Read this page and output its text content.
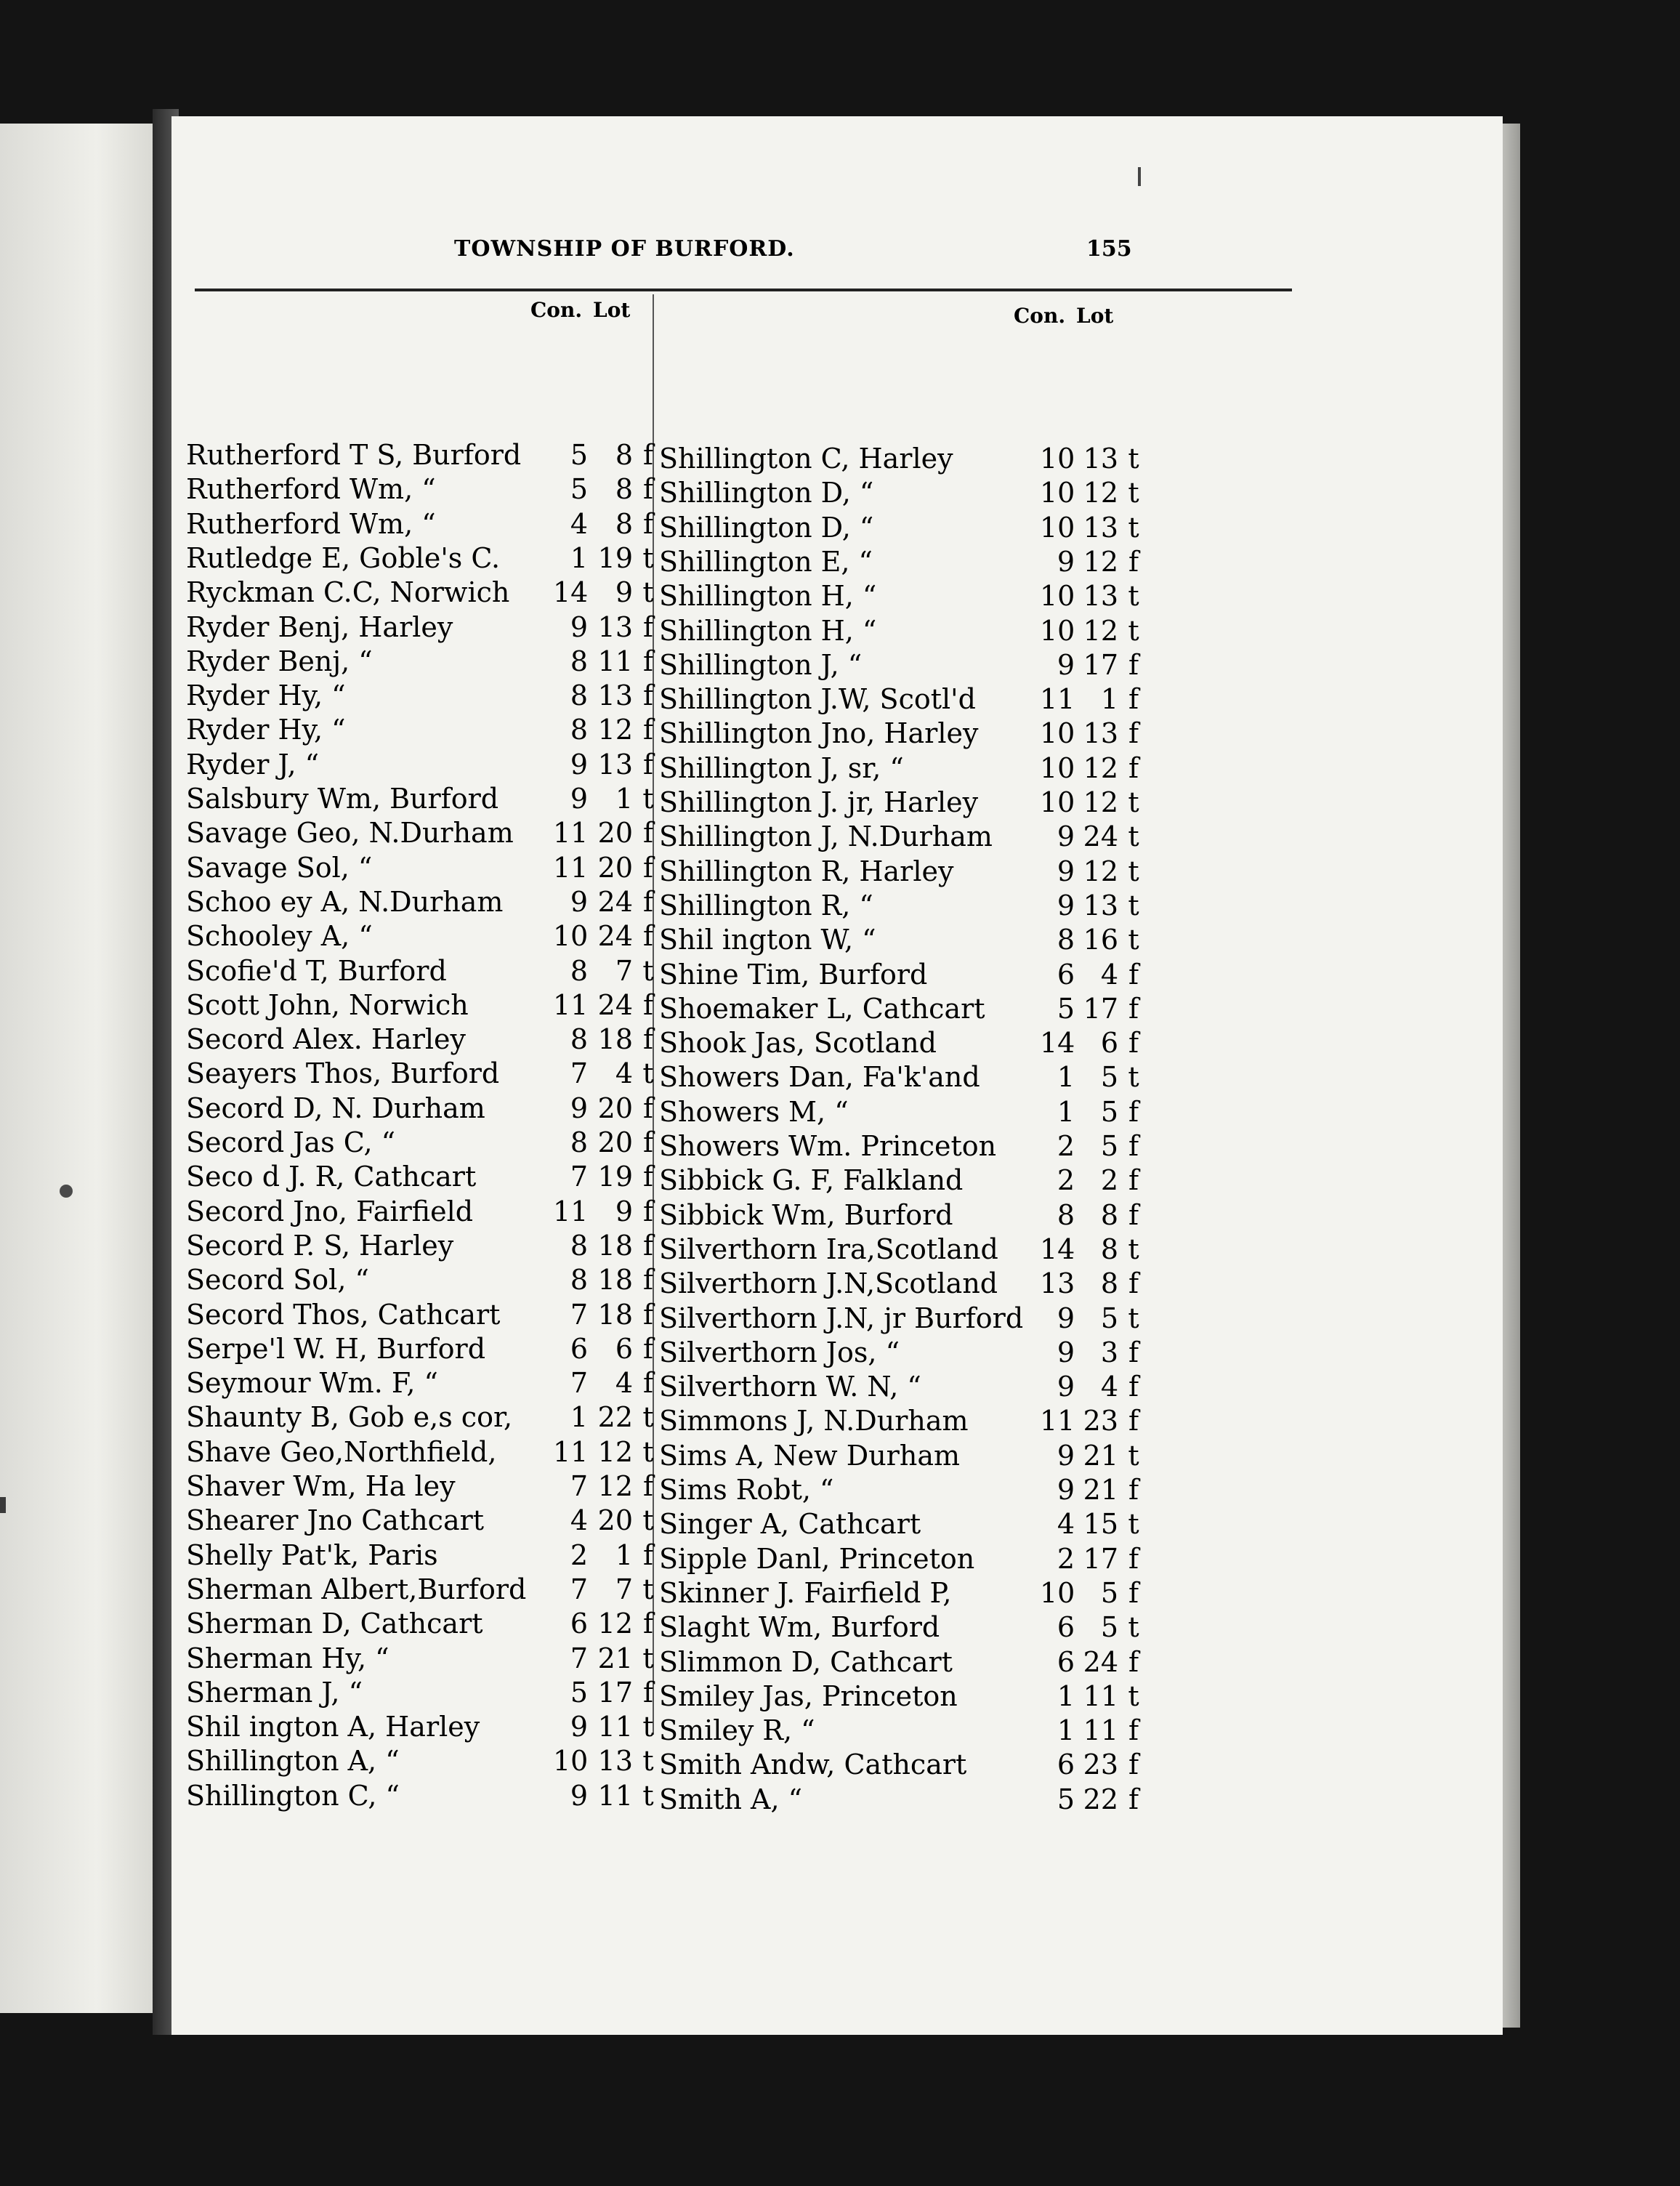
TOWNSHIP OF BURFORD.	155
Con. Lot	Con. Lot
Rutherford T S, Burford	5 8 f
Rutherford Wm, “	5 8 f
Rutherford Wm, “	4 8 f
Rutledge E, Goble's C.	1 19 t
Ryckman C.C, Norwich	14 9 t
Ryder Benj, Harley	9 13 f
Ryder Benj, “	8 11 f
Ryder Hy, “	8 13 f
Ryder Hy, “	8 12 f
Ryder J, “	9 13 f
Salsbury Wm, Burford	9 1 t
Savage Geo, N.Durham	11 20 f
Savage Sol, “	11 20 f
Schoo ey A, N.Durham	9 24 f
Schooley A, “	10 24 f
Scofie'd T, Burford	8 7 t
Scott John, Norwich	11 24 f
Secord Alex. Harley	8 18 f
Seayers Thos, Burford	7 4 t
Secord D, N. Durham	9 20 f
Secord Jas C, “	8 20 f
Seco d J. R, Cathcart	7 19 f
Secord Jno, Fairfield	11 9 f
Secord P. S, Harley	8 18 f
Secord Sol, “	8 18 f
Secord Thos, Cathcart	7 18 f
Serpe'l W. H, Burford	6 6 f
Seymour Wm. F, “	7 4 f
Shaunty B, Gob e,s cor,	1 22 t
Shave Geo,Northfield,	11 12 t
Shaver Wm, Ha ley	7 12 f
Shearer Jno Cathcart	4 20 t
Shelly Pat'k, Paris	2 1 f
Sherman Albert,Burford	7 7 t
Sherman D, Cathcart	6 12 f
Sherman Hy, “	7 21 t
Sherman J, “	5 17 f
Shil ington A, Harley	9 11 t
Shillington A, “	10 13 t
Shillington C, “	9 11 t
Shillington C, Harley	10 13 t
Shillington D, “	10 12 t
Shillington D, “	10 13 t
Shillington E, “	9 12 f
Shillington H, “	10 13 t
Shillington H, “	10 12 t
Shillington J, “	9 17 f
Shillington J.W, Scotl'd	11 1 f
Shillington Jno, Harley	10 13 f
Shillington J, sr, “	10 12 f
Shillington J. jr, Harley	10 12 t
Shillington J, N.Durham	9 24 t
Shillington R, Harley	9 12 t
Shillington R, “	9 13 t
Shil ington W, “	8 16 t
Shine Tim, Burford	6 4 f
Shoemaker L, Cathcart	5 17 f
Shook Jas, Scotland	14 6 f
Showers Dan, Fa'k'and	1 5 t
Showers M, “	1 5 f
Showers Wm. Princeton	2 5 f
Sibbick G. F, Falkland	2 2 f
Sibbick Wm, Burford	8 8 f
Silverthorn Ira,Scotland	14 8 t
Silverthorn J.N,Scotland	13 8 f
Silverthorn J.N, jr Burford	9 5 t
Silverthorn Jos, “	9 3 f
Silverthorn W. N, “	9 4 f
Simmons J, N.Durham	11 23 f
Sims A, New Durham	9 21 t
Sims Robt, “	9 21 f
Singer A, Cathcart	4 15 t
Sipple Danl, Princeton	2 17 f
Skinner J. Fairfield P,	10 5 f
Slaght Wm, Burford	6 5 t
Slimmon D, Cathcart	6 24 f
Smiley Jas, Princeton	1 11 t
Smiley R, “	1 11 f
Smith Andw, Cathcart	6 23 f
Smith A, “	5 22 f
